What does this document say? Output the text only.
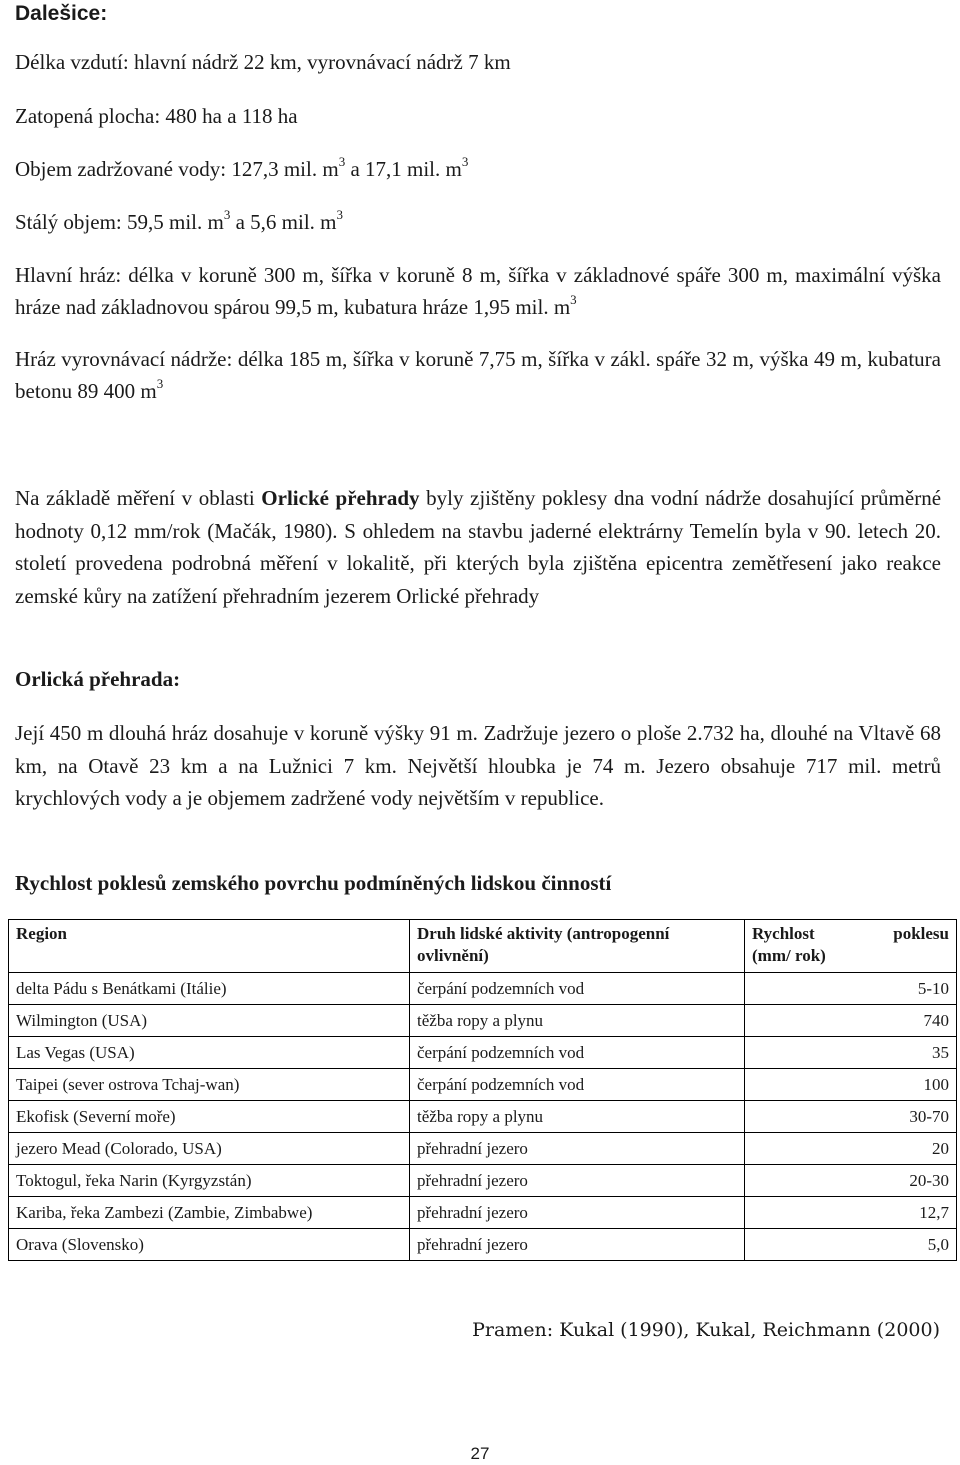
Dalešice:
Délka vzdutí: hlavní nádrž 22 km, vyrovnávací nádrž 7 km
Zatopená plocha: 480 ha a 118 ha
Objem zadržované vody: 127,3 mil. $m^3$ a 17,1 mil. $m^3$
Stálý objem: 59,5 mil. $m^3$ a 5,6 mil. $m^3$
Hlavní hráz: délka v koruně 300 m, šířka v koruně 8 m, šířka v základnové spáře 300 m, maximální výška hráze nad základnovou spárou 99,5 m, kubatura hráze 1,95 mil. $m^3$
Hráz vyrovnávací nádrže: délka 185 m, šířka v koruně 7,75 m, šířka v zákl. spáře 32 m, výška 49 m, kubatura betonu 89 400 $m^3$
Na základě měření v oblasti Orlické přehrady byly zjištěny poklesy dna vodní nádrže dosahující průměrné hodnoty 0,12 mm/rok (Mačák, 1980). S ohledem na stavbu jaderné elektrárny Temelín byla v 90. letech 20. století provedena podrobná měření v lokalitě, při kterých byla zjištěna epicentra zemětřesení jako reakce zemské kůry na zatížení přehradním jezerem Orlické přehrady
Orlická přehrada:
Její 450 m dlouhá hráz dosahuje v koruně výšky 91 m. Zadržuje jezero o ploše 2.732 ha, dlouhé na Vltavě 68 km, na Otavě 23 km a na Lužnici 7 km. Největší hloubka je 74 m. Jezero obsahuje 717 mil. metrů krychlových vody a je objemem zadržené vody největším v republice.
Rychlost poklesů zemského povrchu podmíněných lidskou činností
Region	Druh lidské aktivity (antropogenní ovlivnění)	Rychlost poklesu
(mm/ rok)

delta Pádu s Benátkami (Itálie)	čerpání podzemních vod	5-10
Wilmington (USA)	těžba ropy a plynu	740
Las Vegas (USA)	čerpání podzemních vod	35
Taipei (sever ostrova Tchaj-wan)	čerpání podzemních vod	100
Ekofisk (Severní moře)	těžba ropy a plynu	30-70
jezero Mead (Colorado, USA)	přehradní jezero	20
Toktogul, řeka Narin (Kyrgyzstán)	přehradní jezero	20-30
Kariba, řeka Zambezi (Zambie, Zimbabwe)	přehradní jezero	12,7
Orava (Slovensko)	přehradní jezero	5,0
Pramen: Kukal (1990), Kukal, Reichmann (2000)
27
